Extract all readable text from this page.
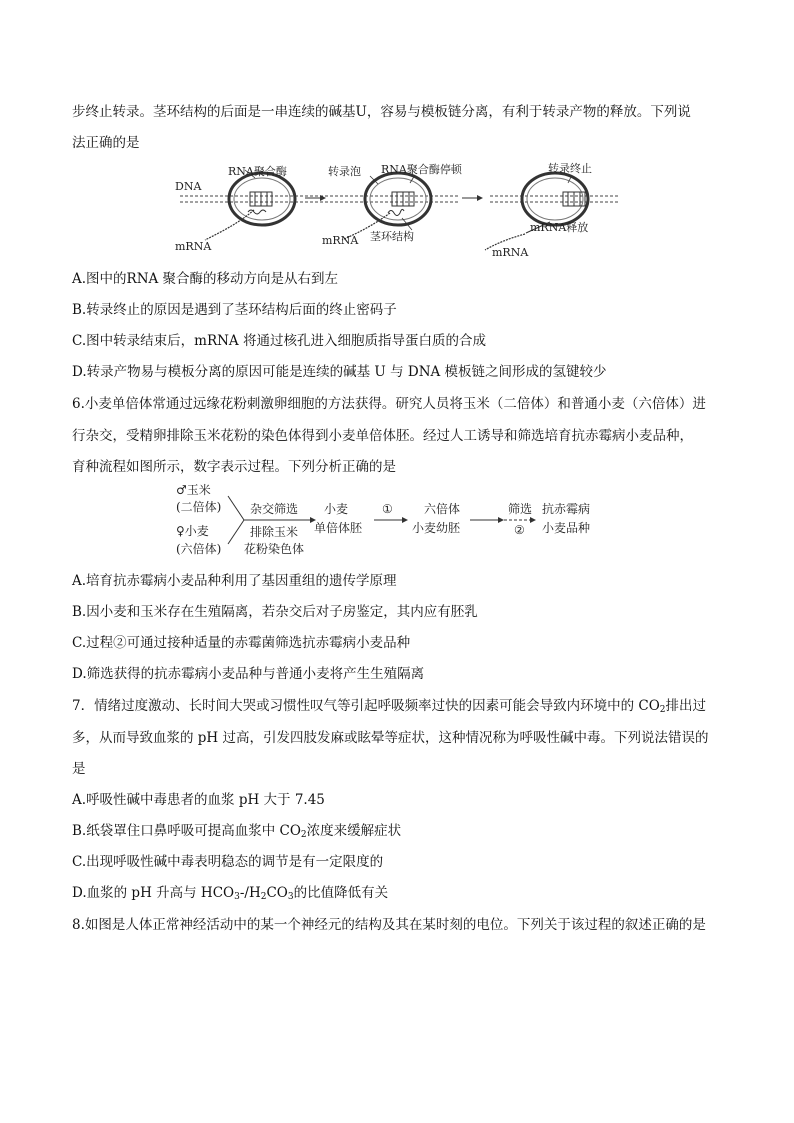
步终止转录。茎环结构的后面是一串连续的碱基U，容易与模板链分离，有利于转录产物的释放。下列说
法正确的是
DNA
RNA聚合酶
mRNA
转录泡 RNA聚合酶停顿
mRNA 茎环结构
转录终止
mRNA释放
mRNA
A.图中的RNA 聚合酶的移动方向是从右到左
B.转录终止的原因是遇到了茎环结构后面的终止密码子
C.图中转录结束后，mRNA 将通过核孔进入细胞质指导蛋白质的合成
D.转录产物易与模板分离的原因可能是连续的碱基 U 与 DNA 模板链之间形成的氢键较少
6.小麦单倍体常通过远缘花粉刺激卵细胞的方法获得。研究人员将玉米（二倍体）和普通小麦（六倍体）进
行杂交，受精卵排除玉米花粉的染色体得到小麦单倍体胚。经过人工诱导和筛选培育抗赤霉病小麦品种，
育种流程如图所示，数字表示过程。下列分析正确的是
♂玉米
(二倍体)
♀小麦
(六倍体)
杂交筛选
排除玉米
花粉染色体
小麦
单倍体胚
①	六倍体
小麦幼胚
筛选
②
抗赤霉病
小麦品种
A.培育抗赤霉病小麦品种利用了基因重组的遗传学原理
B.因小麦和玉米存在生殖隔离，若杂交后对子房鉴定，其内应有胚乳
C.过程②可通过接种适量的赤霉菌筛选抗赤霉病小麦品种
D.筛选获得的抗赤霉病小麦品种与普通小麦将产生生殖隔离
7．情绪过度激动、长时间大哭或习惯性叹气等引起呼吸频率过快的因素可能会导致内环境中的 $CO_2$排出过
多，从而导致血浆的 pH 过高，引发四肢发麻或眩晕等症状，这种情况称为呼吸性碱中毒。下列说法错误的
是
A.呼吸性碱中毒患者的血浆 pH 大于 7.45
B.纸袋罩住口鼻呼吸可提高血浆中 $CO_2$浓度来缓解症状
C.出现呼吸性碱中毒表明稳态的调节是有一定限度的
D.血浆的 pH 升高与 $HCO_3-/H_2CO_3$的比值降低有关
8.如图是人体正常神经活动中的某一个神经元的结构及其在某时刻的电位。下列关于该过程的叙述正确的是
